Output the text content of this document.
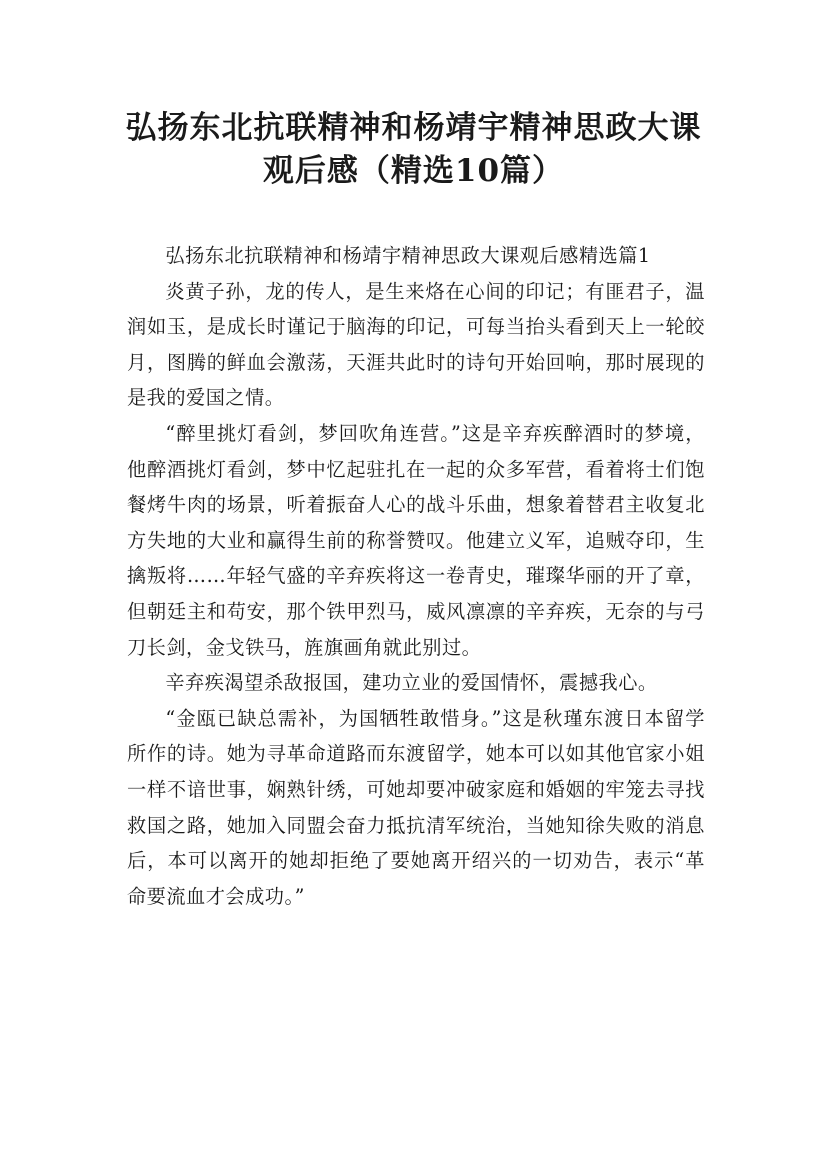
弘扬东北抗联精神和杨靖宇精神思政大课
观后感（精选10篇）

弘扬东北抗联精神和杨靖宇精神思政大课观后感精选篇1

炎黄子孙，龙的传人，是生来烙在心间的印记；有匪君子，温润如玉，是成长时谨记于脑海的印记，可每当抬头看到天上一轮皎月，图腾的鲜血会激荡，天涯共此时的诗句开始回响，那时展现的是我的爱国之情。

“醉里挑灯看剑，梦回吹角连营。”这是辛弃疾醉酒时的梦境，他醉酒挑灯看剑，梦中忆起驻扎在一起的众多军营，看着将士们饱餐烤牛肉的场景，听着振奋人心的战斗乐曲，想象着替君主收复北方失地的大业和赢得生前的称誉赞叹。他建立义军，追贼夺印，生擒叛将……年轻气盛的辛弃疾将这一卷青史，璀璨华丽的开了章，但朝廷主和苟安，那个铁甲烈马，威风凛凛的辛弃疾，无奈的与弓刀长剑，金戈铁马，旌旗画角就此别过。

辛弃疾渴望杀敌报国，建功立业的爱国情怀，震撼我心。

“金瓯已缺总需补，为国牺牲敢惜身。”这是秋瑾东渡日本留学所作的诗。她为寻革命道路而东渡留学，她本可以如其他官家小姐一样不谙世事，娴熟针绣，可她却要冲破家庭和婚姻的牢笼去寻找救国之路，她加入同盟会奋力抵抗清军统治，当她知徐失败的消息后，本可以离开的她却拒绝了要她离开绍兴的一切劝告，表示“革命要流血才会成功。”
